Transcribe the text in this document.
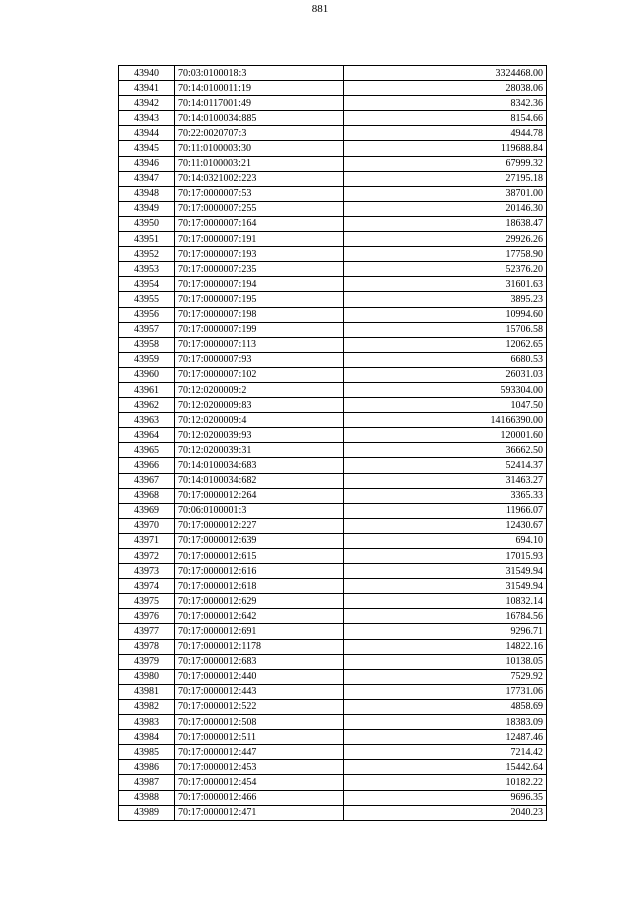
881
43940	70:03:0100018:3	3324468.00
43941	70:14:0100011:19	28038.06
43942	70:14:0117001:49	8342.36
43943	70:14:0100034:885	8154.66
43944	70:22:0020707:3	4944.78
43945	70:11:0100003:30	119688.84
43946	70:11:0100003:21	67999.32
43947	70:14:0321002:223	27195.18
43948	70:17:0000007:53	38701.00
43949	70:17:0000007:255	20146.30
43950	70:17:0000007:164	18638.47
43951	70:17:0000007:191	29926.26
43952	70:17:0000007:193	17758.90
43953	70:17:0000007:235	52376.20
43954	70:17:0000007:194	31601.63
43955	70:17:0000007:195	3895.23
43956	70:17:0000007:198	10994.60
43957	70:17:0000007:199	15706.58
43958	70:17:0000007:113	12062.65
43959	70:17:0000007:93	6680.53
43960	70:17:0000007:102	26031.03
43961	70:12:0200009:2	593304.00
43962	70:12:0200009:83	1047.50
43963	70:12:0200009:4	14166390.00
43964	70:12:0200039:93	120001.60
43965	70:12:0200039:31	36662.50
43966	70:14:0100034:683	52414.37
43967	70:14:0100034:682	31463.27
43968	70:17:0000012:264	3365.33
43969	70:06:0100001:3	11966.07
43970	70:17:0000012:227	12430.67
43971	70:17:0000012:639	694.10
43972	70:17:0000012:615	17015.93
43973	70:17:0000012:616	31549.94
43974	70:17:0000012:618	31549.94
43975	70:17:0000012:629	10832.14
43976	70:17:0000012:642	16784.56
43977	70:17:0000012:691	9296.71
43978	70:17:0000012:1178	14822.16
43979	70:17:0000012:683	10138.05
43980	70:17:0000012:440	7529.92
43981	70:17:0000012:443	17731.06
43982	70:17:0000012:522	4858.69
43983	70:17:0000012:508	18383.09
43984	70:17:0000012:511	12487.46
43985	70:17:0000012:447	7214.42
43986	70:17:0000012:453	15442.64
43987	70:17:0000012:454	10182.22
43988	70:17:0000012:466	9696.35
43989	70:17:0000012:471	2040.23
